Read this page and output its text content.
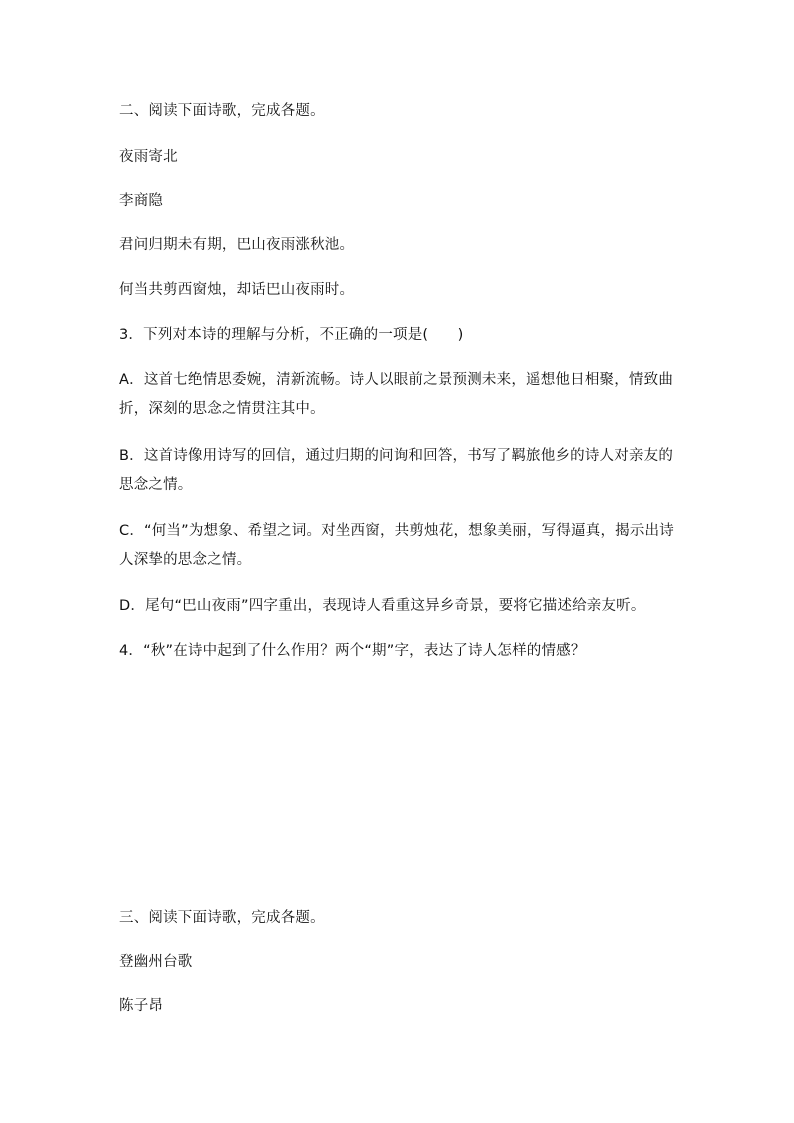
二、阅读下面诗歌，完成各题。
夜雨寄北
李商隐
君问归期未有期，巴山夜雨涨秋池。
何当共剪西窗烛，却话巴山夜雨时。
3．下列对本诗的理解与分析，不正确的一项是(　　)
A．这首七绝情思委婉，清新流畅。诗人以眼前之景预测未来，遥想他日相聚，情致曲折，深刻的思念之情贯注其中。
B．这首诗像用诗写的回信，通过归期的问询和回答，书写了羁旅他乡的诗人对亲友的思念之情。
C．“何当”为想象、希望之词。对坐西窗，共剪烛花，想象美丽，写得逼真，揭示出诗人深挚的思念之情。
D．尾句“巴山夜雨”四字重出，表现诗人看重这异乡奇景，要将它描述给亲友听。
4．“秋”在诗中起到了什么作用？两个“期”字，表达了诗人怎样的情感？
三、阅读下面诗歌，完成各题。
登幽州台歌
陈子昂
